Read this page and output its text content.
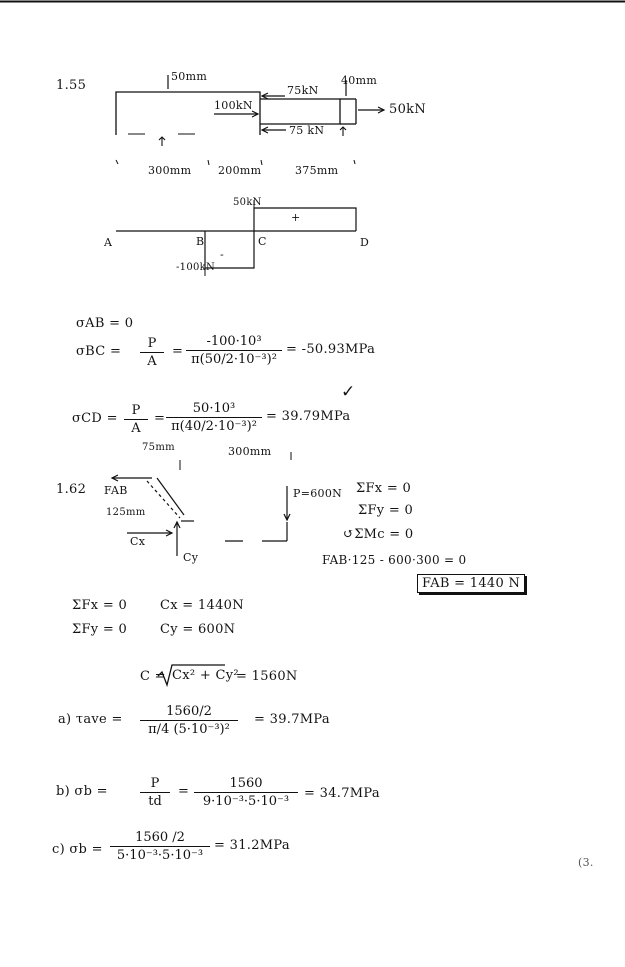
1.55
50mm	40mm
75kN
100kN	50kN
75 kN
300mm 200mm	375mm
50kN
+
-
-100kN
A	B	C	D
σAB = 0
$\sigma BC = \frac{P}{A} = \frac{\text{-100·10³}}{\text{π(50/2·10⁻³)²}} = -50.93MPa$
✓
$\sigma CD = \frac{P}{A} = \frac{\text{50·10³}}{\text{π(40/2·10⁻³)²}} = 39.79MPa$
75mm	300mm
1.62 FAB
125mm
Cx
Cy
P=600N ΣFx = 0
ΣFy = 0
↺ΣMc = 0
FAB·125 - 600·300 = 0
FAB = 1440 N
ΣFx = 0	Cx = 1440N
ΣFy = 0	Cy = 600N
C = Cx² + Cy²
= 1560N
a) $\tau ave = \frac{1560/2}{\text{π/4 (5·10⁻³)²}} = 39.7MPa$
b) $\sigma b = \frac{P}{td} = \frac{1560}{\text{9·10⁻³·5·10⁻³}} = 34.7MPa$
c) $\sigma b = \frac{1560 /2}{\text{5·10⁻³·5·10⁻³}} = 31.2MPa$
(3.
